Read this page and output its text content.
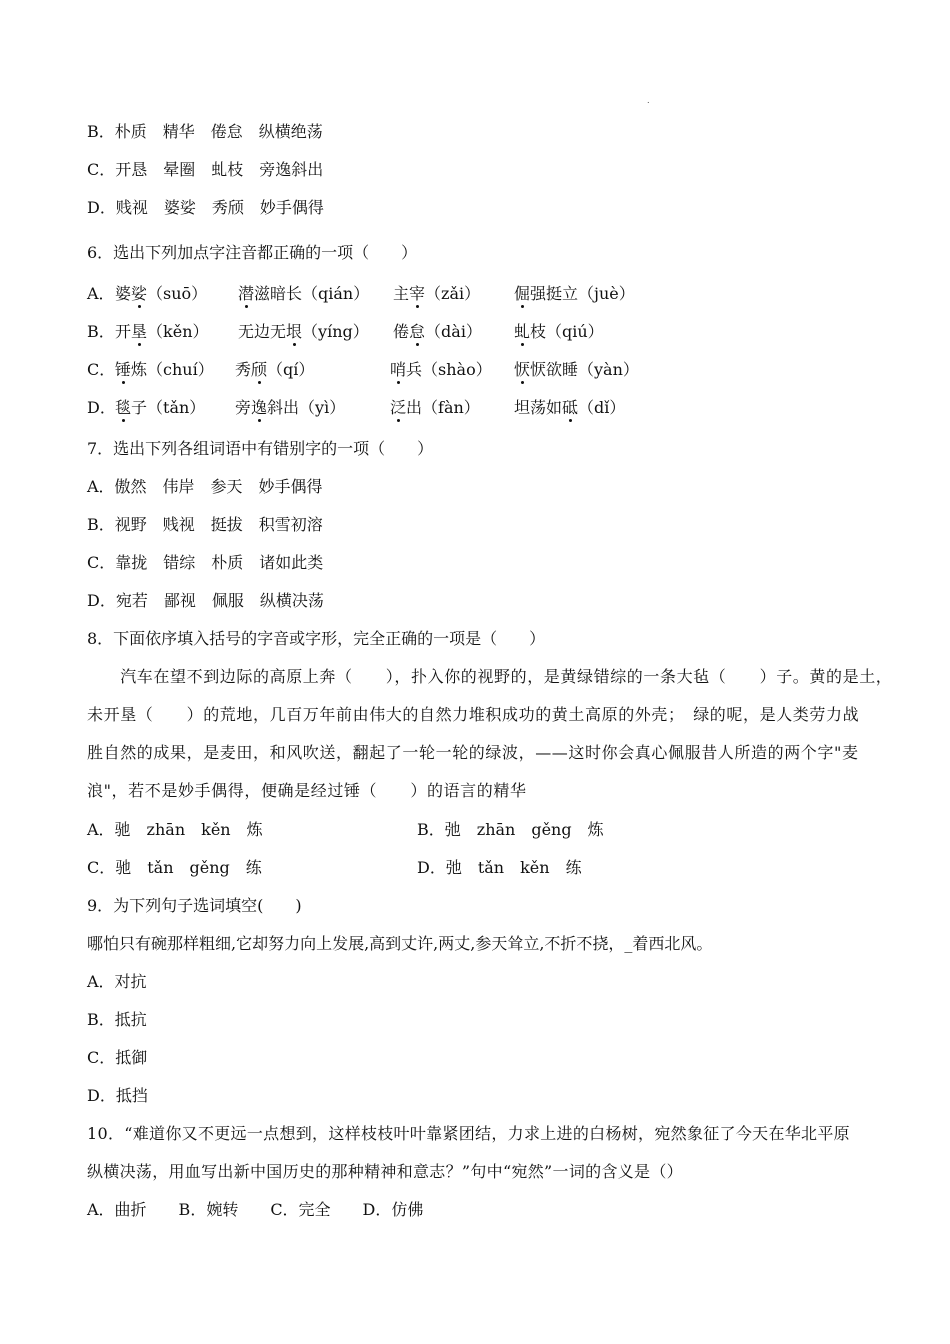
.
B．朴质　精华　倦怠　纵横绝荡
C．开恳　晕圈　虬枝　旁逸斜出
D．贱视　婆娑　秀颀　妙手偶得
6．选出下列加点字注音都正确的一项（　　）
A． 婆娑（suō） 潜滋暗长（qián） 主宰（zǎi） 倔强挺立（juè）
B． 开垦（kěn） 无边无垠（yíng） 倦怠（dài） 虬枝（qiú）
C． 锤炼（chuí） 秀颀（qí）	哨兵（shào） 恹恹欲睡（yàn）
D． 毯子（tǎn） 旁逸斜出（yì）	泛出（fàn） 坦荡如砥（dǐ）
7．选出下列各组词语中有错别字的一项（　　）
A．傲然　伟岸　参天　妙手偶得
B．视野　贱视　挺拔　积雪初溶
C．靠拢　错综　朴质　诸如此类
D．宛若　鄙视　佩服　纵横决荡
8．下面依序填入括号的字音或字形，完全正确的一项是（　　）
　　汽车在望不到边际的高原上奔（　　），扑入你的视野的，是黄绿错综的一条大毡（　　）子。黄的是土，
未开垦（　　）的荒地，几百万年前由伟大的自然力堆积成功的黄土高原的外壳；　绿的呢，是人类劳力战
胜自然的成果，是麦田，和风吹送，翻起了一轮一轮的绿波，——这时你会真心佩服昔人所造的两个字"麦
浪"，若不是妙手偶得，便确是经过锤（　　）的语言的精华
A．驰　zhān　kěn　炼	B．弛　zhān　gěng　炼
C．驰　tǎn　gěng　练	D．弛　tǎn　kěn　练
9．为下列句子选词填空(　　)
哪怕只有碗那样粗细,它却努力向上发展,高到丈许,两丈,参天耸立,不折不挠，_着西北风。
A．对抗
B．抵抗
C．抵御
D．抵挡
10．“难道你又不更远一点想到，这样枝枝叶叶靠紧团结，力求上进的白杨树，宛然象征了今天在华北平原
纵横决荡，用血写出新中国历史的那种精神和意志？”句中“宛然”一词的含义是（）
A．曲折　　B．婉转　　C．完全　　D．仿佛
